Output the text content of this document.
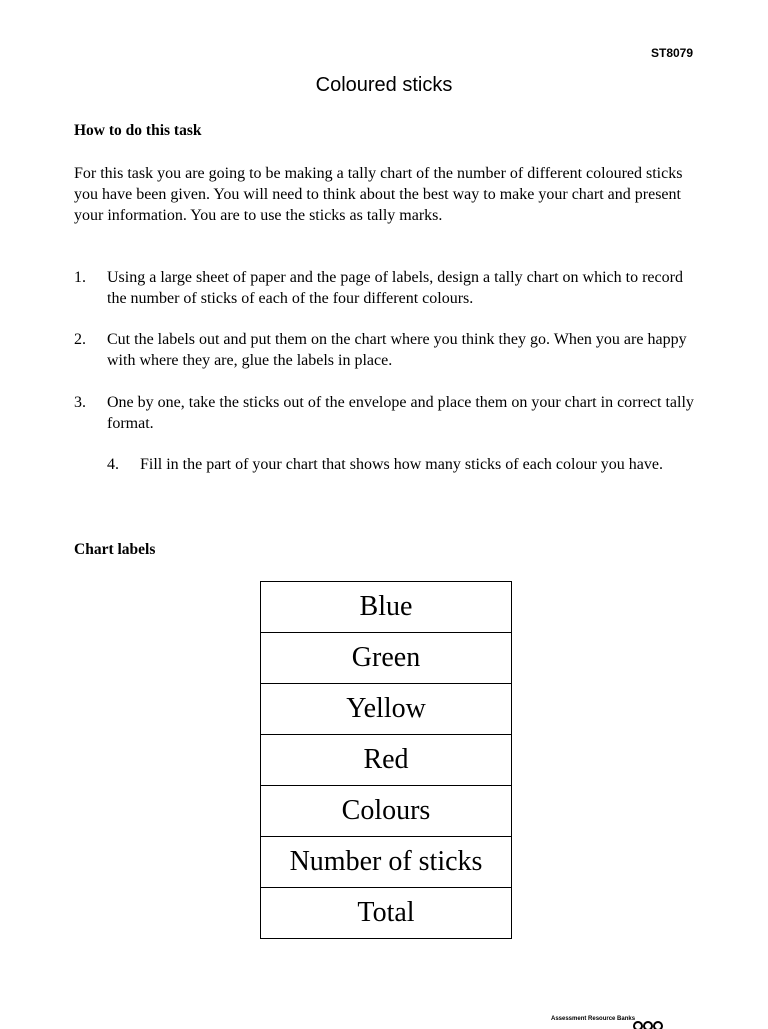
ST8079
Coloured sticks
How to do this task

For this task you are going to be making a tally chart of the number of different coloured sticks you have been given. You will need to think about the best way to make your chart and present your information. You are to use the sticks as tally marks.

1. Using a large sheet of paper and the page of labels, design a tally chart on which to record the number of sticks of each of the four different colours.
2. Cut the labels out and put them on the chart where you think they go. When you are happy with where they are, glue the labels in place.
3. One by one, take the sticks out of the envelope and place them on your chart in correct tally format.
4. Fill in the part of your chart that shows how many sticks of each colour you have.
Chart labels
Blue
Green
Yellow
Red
Colours
Number of sticks
Total
Assessment Resource Banks
